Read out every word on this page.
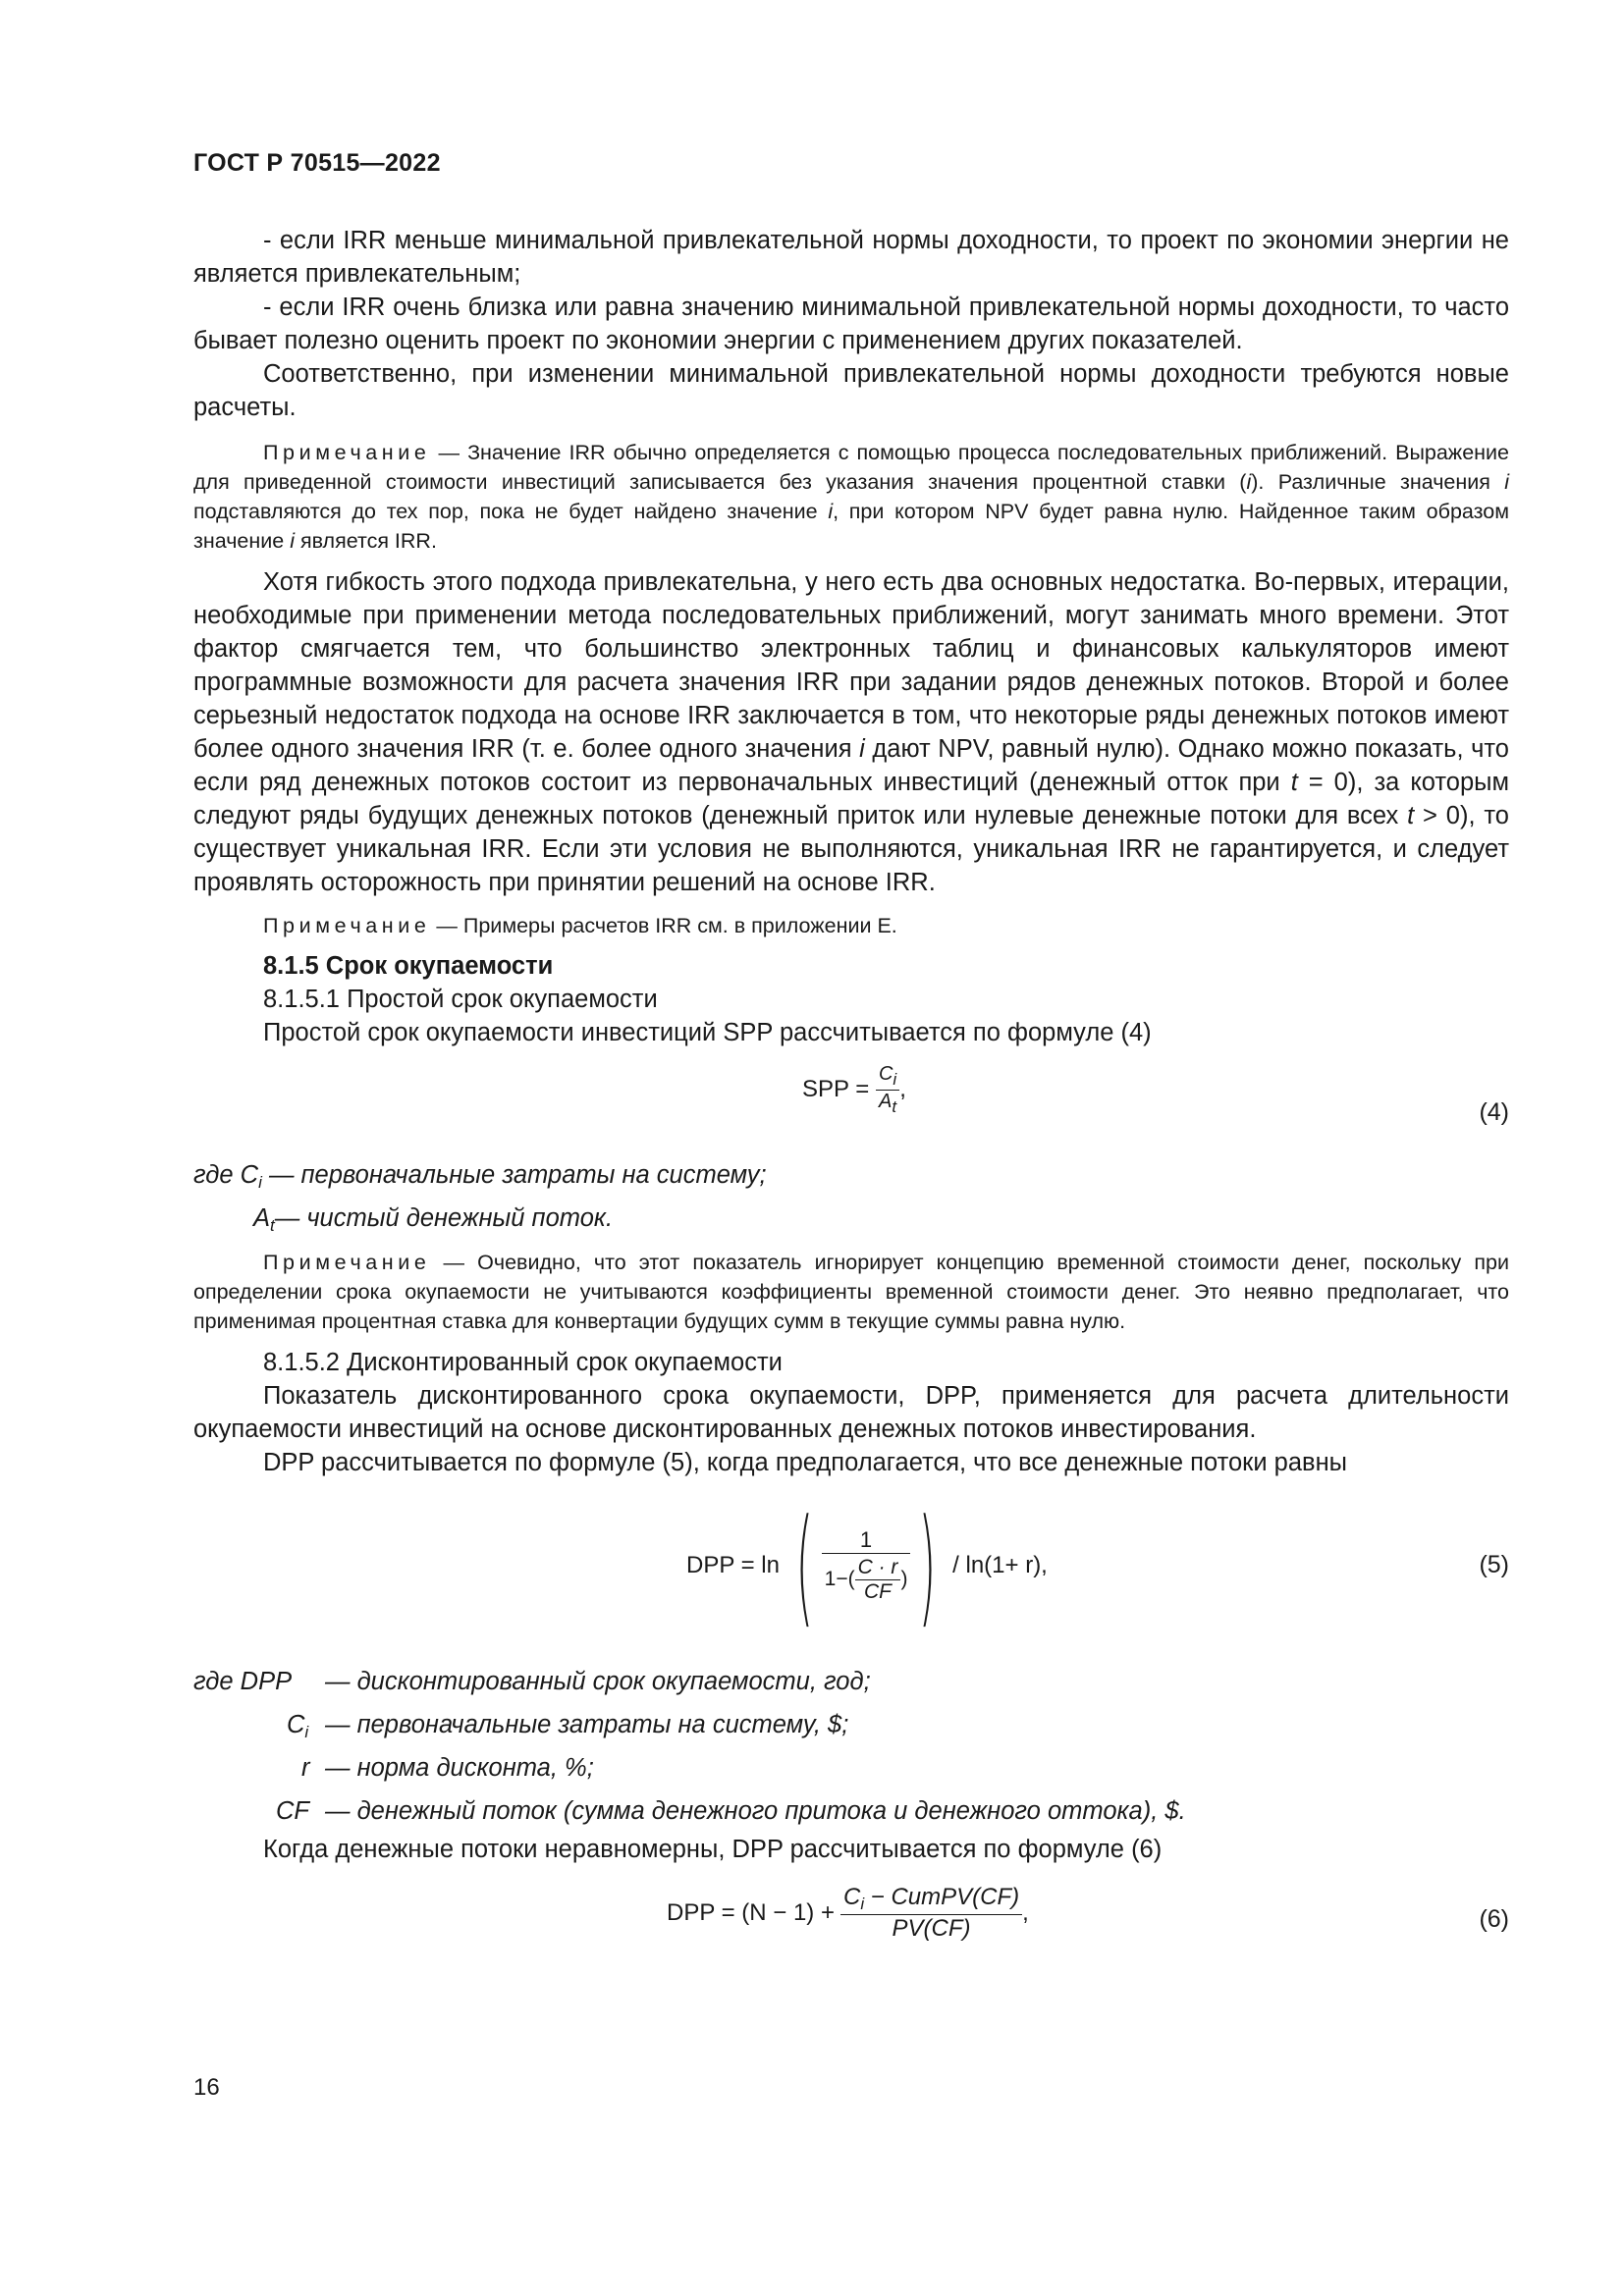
ГОСТ Р 70515—2022

- если IRR меньше минимальной привлекательной нормы доходности, то проект по экономии энергии не является привлекательным;

- если IRR очень близка или равна значению минимальной привлекательной нормы доходности, то часто бывает полезно оценить проект по экономии энергии с применением других показателей.

Соответственно, при изменении минимальной привлекательной нормы доходности требуются новые расчеты.

Примечание — Значение IRR обычно определяется с помощью процесса последовательных приближений. Выражение для приведенной стоимости инвестиций записывается без указания значения процентной ставки (i). Различные значения i подставляются до тех пор, пока не будет найдено значение i, при котором NPV будет равна нулю. Найденное таким образом значение i является IRR.

Хотя гибкость этого подхода привлекательна, у него есть два основных недостатка. Во-первых, итерации, необходимые при применении метода последовательных приближений, могут занимать много времени. Этот фактор смягчается тем, что большинство электронных таблиц и финансовых калькуляторов имеют программные возможности для расчета значения IRR при задании рядов денежных потоков. Второй и более серьезный недостаток подхода на основе IRR заключается в том, что некоторые ряды денежных потоков имеют более одного значения IRR (т. е. более одного значения i дают NPV, равный нулю). Однако можно показать, что если ряд денежных потоков состоит из первоначальных инвестиций (денежный отток при t = 0), за которым следуют ряды будущих денежных потоков (денежный приток или нулевые денежные потоки для всех t > 0), то существует уникальная IRR. Если эти условия не выполняются, уникальная IRR не гарантируется, и следует проявлять осторожность при принятии решений на основе IRR.

Примечание — Примеры расчетов IRR см. в приложении Е.

8.1.5 Срок окупаемости

8.1.5.1 Простой срок окупаемости

Простой срок окупаемости инвестиций SPP рассчитывается по формуле (4)

SPP = $\frac{C_i}{A_t}$ ,
(4)
где $C_i$ — первоначальные затраты на систему;
$A_t—$ чистый денежный поток.
Примечание — Очевидно, что этот показатель игнорирует концепцию временной стоимости денег, поскольку при определении срока окупаемости не учитываются коэффициенты временной стоимости денег. Это неявно предполагает, что применимая процентная ставка для конвертации будущих сумм в текущие суммы равна нулю.

8.1.5.2 Дисконтированный срок окупаемости

Показатель дисконтированного срока окупаемости, DPP, применяется для расчета длительности окупаемости инвестиций на основе дисконтированных денежных потоков инвестирования.

DPP рассчитывается по формуле (5), когда предполагается, что все денежные потоки равны

DPP = ln ( $\frac{1}{1-( \frac{C \cdot r}{CF} )}$ ) / ln(1+ r),	(5)
где DPP — дисконтированный срок окупаемости, год;
$C_i$ — первоначальные затраты на систему, $;
r — норма дисконта, %;
CF — денежный поток (сумма денежного притока и денежного оттока), $.

Когда денежные потоки неравномерны, DPP рассчитывается по формуле (6)

DPP = $(N - 1) + \frac{C_i - CumPV(CF)}{PV(CF)}$ ,	(6)
16
